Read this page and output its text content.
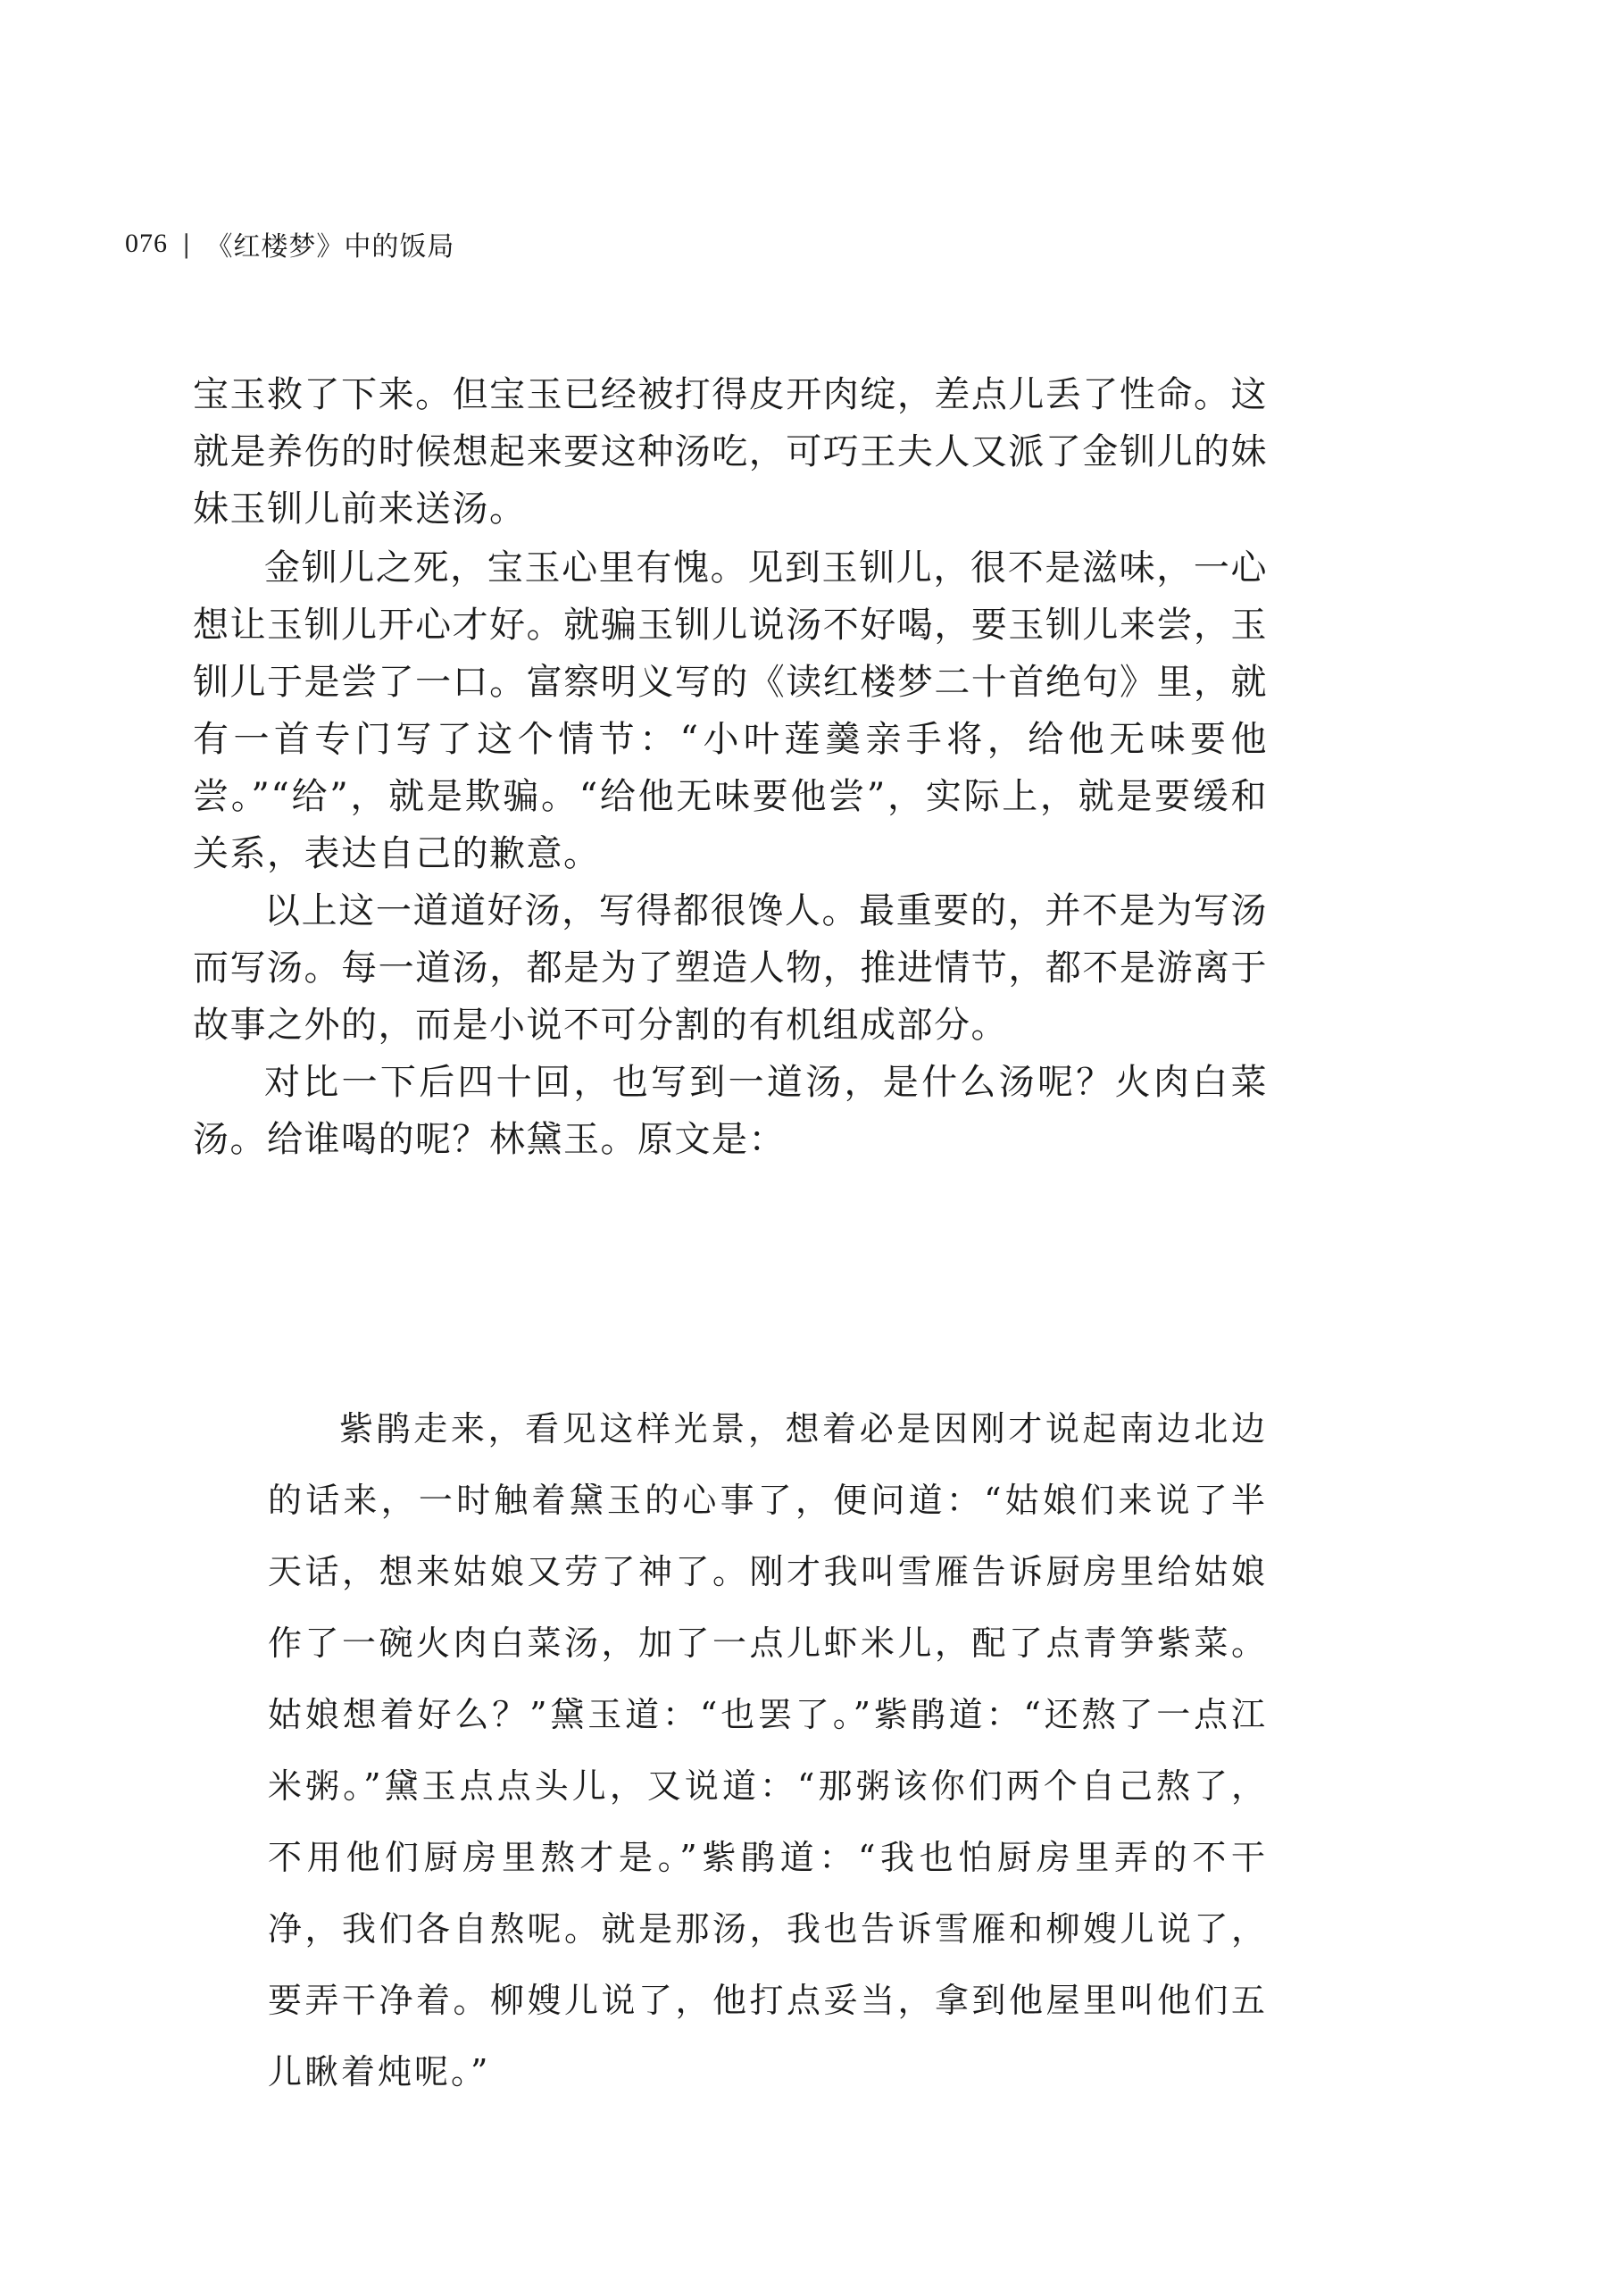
076 | 《红楼梦》中的饭局

宝玉救了下来。但宝玉已经被打得皮开肉绽，差点儿丢了性命。这就是养伤的时候想起来要这种汤吃，可巧王夫人又派了金钏儿的妹妹玉钏儿前来送汤。

金钏儿之死，宝玉心里有愧。见到玉钏儿，很不是滋味，一心想让玉钏儿开心才好。就骗玉钏儿说汤不好喝，要玉钏儿来尝，玉钏儿于是尝了一口。富察明义写的《读红楼梦二十首绝句》里，就有一首专门写了这个情节：“小叶莲羹亲手将，给他无味要他尝。”“给”，就是欺骗。“给他无味要他尝”，实际上，就是要缓和关系，表达自己的歉意。

以上这一道道好汤，写得都很馋人。最重要的，并不是为写汤而写汤。每一道汤，都是为了塑造人物，推进情节，都不是游离于故事之外的，而是小说不可分割的有机组成部分。

对比一下后四十回，也写到一道汤，是什么汤呢？火肉白菜汤。给谁喝的呢？林黛玉。原文是：

紫鹃走来，看见这样光景，想着必是因刚才说起南边北边的话来，一时触着黛玉的心事了，便问道：“姑娘们来说了半天话，想来姑娘又劳了神了。刚才我叫雪雁告诉厨房里给姑娘作了一碗火肉白菜汤，加了一点儿虾米儿，配了点青笋紫菜。姑娘想着好么？”黛玉道：“也罢了。”紫鹃道：“还熬了一点江米粥。”黛玉点点头儿，又说道：“那粥该你们两个自己熬了，不用他们厨房里熬才是。”紫鹃道：“我也怕厨房里弄的不干净，我们各自熬呢。就是那汤，我也告诉雪雁和柳嫂儿说了，要弄干净着。柳嫂儿说了，他打点妥当，拿到他屋里叫他们五儿瞅着炖呢。”
